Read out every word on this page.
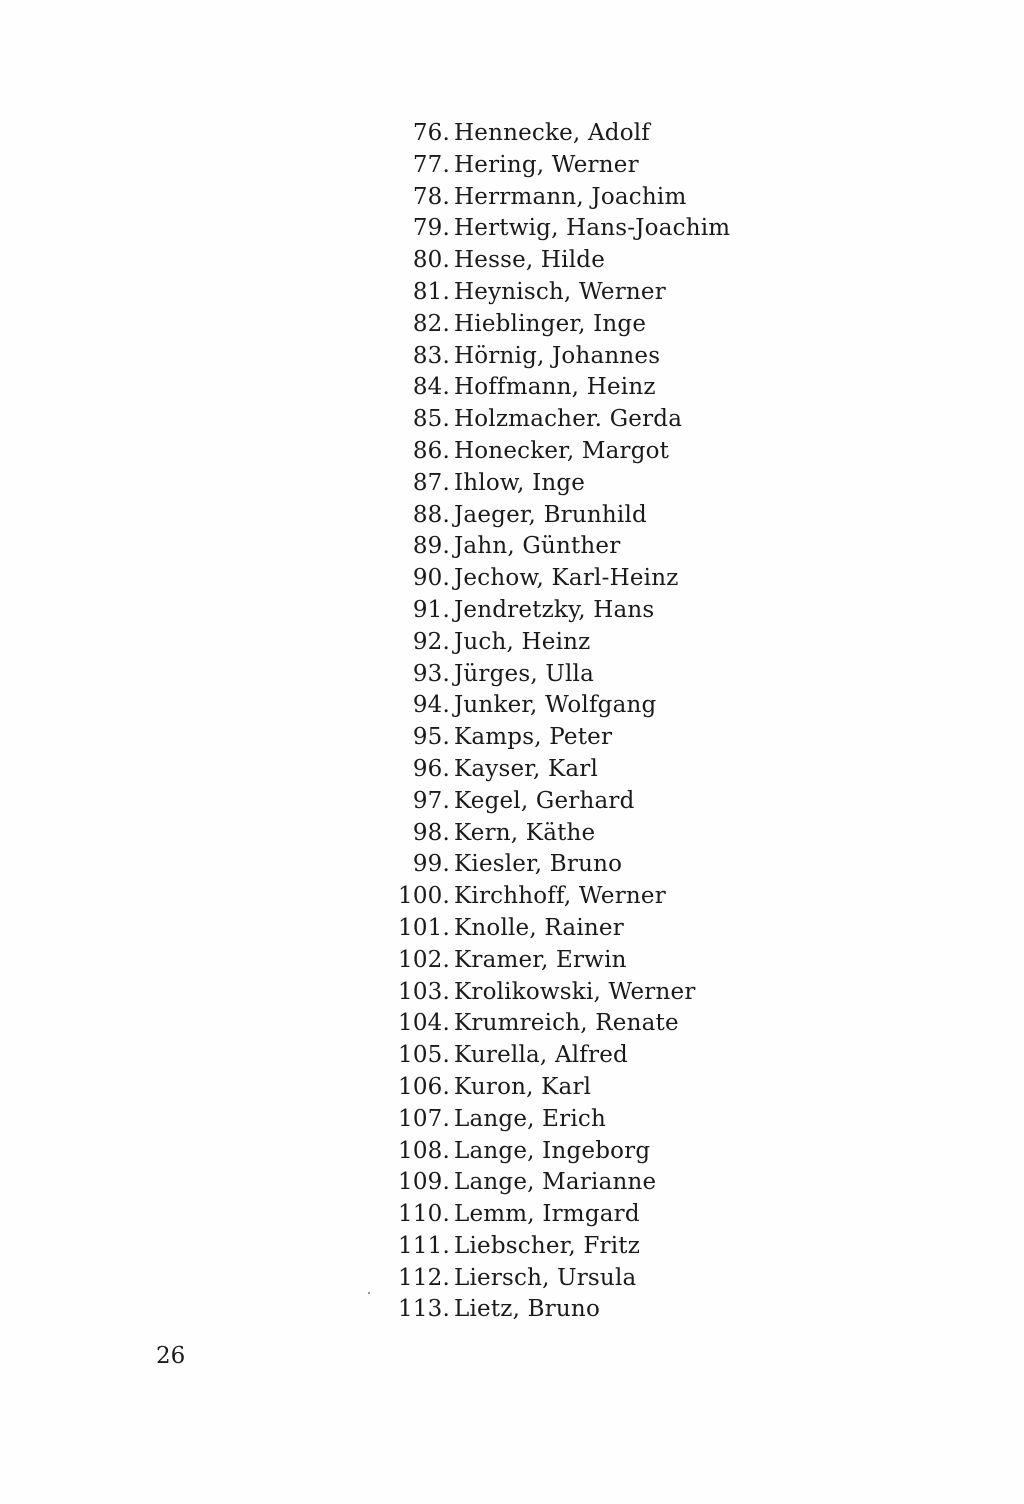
76. Hennecke, Adolf
77. Hering, Werner
78. Herrmann, Joachim
79. Hertwig, Hans-Joachim
80. Hesse, Hilde
81. Heynisch, Werner
82. Hieblinger, Inge
83. Hörnig, Johannes
84. Hoffmann, Heinz
85. Holzmacher. Gerda
86. Honecker, Margot
87. Ihlow, Inge
88. Jaeger, Brunhild
89. Jahn, Günther
90. Jechow, Karl-Heinz
91. Jendretzky, Hans
92. Juch, Heinz
93. Jürges, Ulla
94. Junker, Wolfgang
95. Kamps, Peter
96. Kayser, Karl
97. Kegel, Gerhard
98. Kern, Käthe
99. Kiesler, Bruno
100. Kirchhoff, Werner
101. Knolle, Rainer
102. Kramer, Erwin
103. Krolikowski, Werner
104. Krumreich, Renate
105. Kurella, Alfred
106. Kuron, Karl
107. Lange, Erich
108. Lange, Ingeborg
109. Lange, Marianne
110. Lemm, Irmgard
111. Liebscher, Fritz
112. Liersch, Ursula
113. Lietz, Bruno
26
